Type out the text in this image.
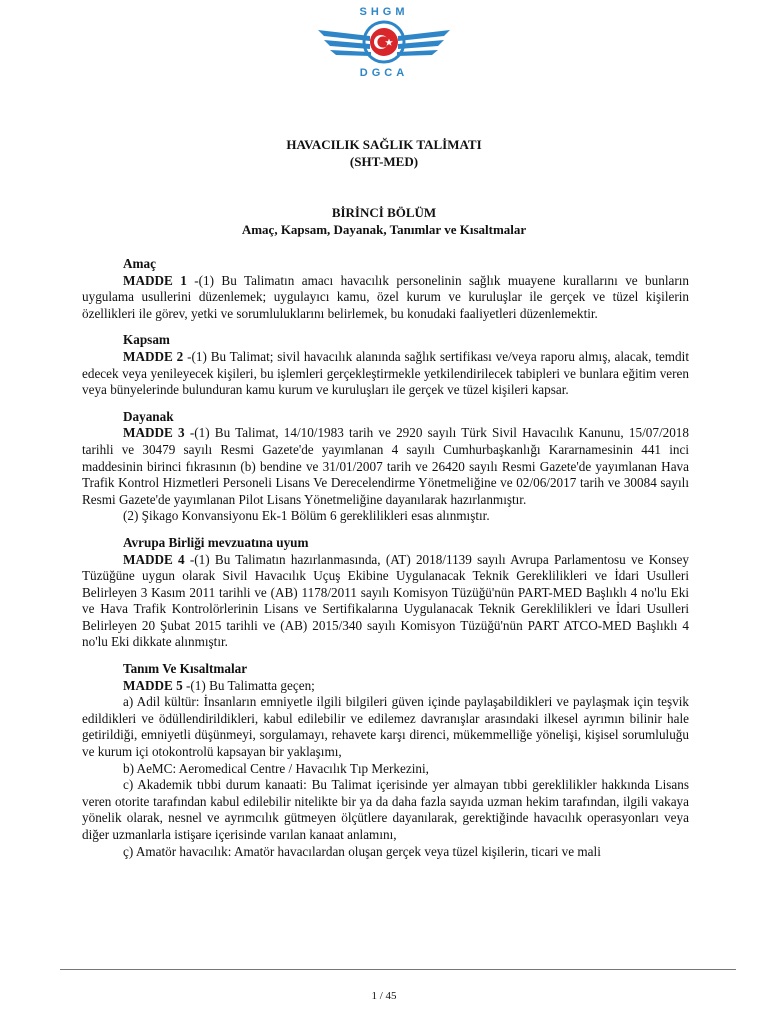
SHGM
DGCA
HAVACILIK SAĞLIK TALİMATI
(SHT-MED)
BİRİNCİ BÖLÜM
Amaç, Kapsam, Dayanak, Tanımlar ve Kısaltmalar

Amaç

MADDE 1 -(1) Bu Talimatın amacı havacılık personelinin sağlık muayene kurallarını ve bunların uygulama usullerini düzenlemek; uygulayıcı kamu, özel kurum ve kuruluşlar ile gerçek ve tüzel kişilerin özellikleri ile görev, yetki ve sorumluluklarını belirlemek, bu konudaki faaliyetleri düzenlemektir.

Kapsam

MADDE 2 -(1) Bu Talimat; sivil havacılık alanında sağlık sertifikası ve/veya raporu almış, alacak, temdit edecek veya yenileyecek kişileri, bu işlemleri gerçekleştirmekle yetkilendirilecek tabipleri ve bunlara eğitim veren veya bünyelerinde bulunduran kamu kurum ve kuruluşları ile gerçek ve tüzel kişileri kapsar.

Dayanak

MADDE 3 -(1) Bu Talimat, 14/10/1983 tarih ve 2920 sayılı Türk Sivil Havacılık Kanunu, 15/07/2018 tarihli ve 30479 sayılı Resmi Gazete'de yayımlanan 4 sayılı Cumhurbaşkanlığı Kararnamesinin 441 inci maddesinin birinci fıkrasının (b) bendine ve 31/01/2007 tarih ve 26420 sayılı Resmi Gazete'de yayımlanan Hava Trafik Kontrol Hizmetleri Personeli Lisans Ve Derecelendirme Yönetmeliğine ve 02/06/2017 tarih ve 30084 sayılı Resmi Gazete'de yayımlanan Pilot Lisans Yönetmeliğine dayanılarak hazırlanmıştır.

(2) Şikago Konvansiyonu Ek-1 Bölüm 6 gereklilikleri esas alınmıştır.

Avrupa Birliği mevzuatına uyum

MADDE 4 -(1) Bu Talimatın hazırlanmasında, (AT) 2018/1139 sayılı Avrupa Parlamentosu ve Konsey Tüzüğüne uygun olarak Sivil Havacılık Uçuş Ekibine Uygulanacak Teknik Gereklilikleri ve İdari Usulleri Belirleyen 3 Kasım 2011 tarihli ve (AB) 1178/2011 sayılı Komisyon Tüzüğü'nün PART-MED Başlıklı 4 no'lu Eki ve Hava Trafik Kontrolörlerinin Lisans ve Sertifikalarına Uygulanacak Teknik Gereklilikleri ve İdari Usulleri Belirleyen 20 Şubat 2015 tarihli ve (AB) 2015/340 sayılı Komisyon Tüzüğü'nün PART ATCO-MED Başlıklı 4 no'lu Eki dikkate alınmıştır.

Tanım Ve Kısaltmalar

MADDE 5 -(1) Bu Talimatta geçen;

a) Adil kültür: İnsanların emniyetle ilgili bilgileri güven içinde paylaşabildikleri ve paylaşmak için teşvik edildikleri ve ödüllendirildikleri, kabul edilebilir ve edilemez davranışlar arasındaki ilkesel ayrımın bilinir hale getirildiği, emniyetli düşünmeyi, sorgulamayı, rehavete karşı direnci, mükemmelliğe yönelişi, kişisel sorumluluğu ve kurum içi otokontrolü kapsayan bir yaklaşımı,

b) AeMC: Aeromedical Centre / Havacılık Tıp Merkezini,

c) Akademik tıbbi durum kanaati: Bu Talimat içerisinde yer almayan tıbbi gereklilikler hakkında Lisans veren otorite tarafından kabul edilebilir nitelikte bir ya da daha fazla sayıda uzman hekim tarafından, ilgili vakaya yönelik olarak, nesnel ve ayrımcılık gütmeyen ölçütlere dayanılarak, gerektiğinde havacılık operasyonları veya diğer uzmanlarla istişare içerisinde varılan kanaat anlamını,

ç) Amatör havacılık: Amatör havacılardan oluşan gerçek veya tüzel kişilerin, ticari ve mali

1 / 45
